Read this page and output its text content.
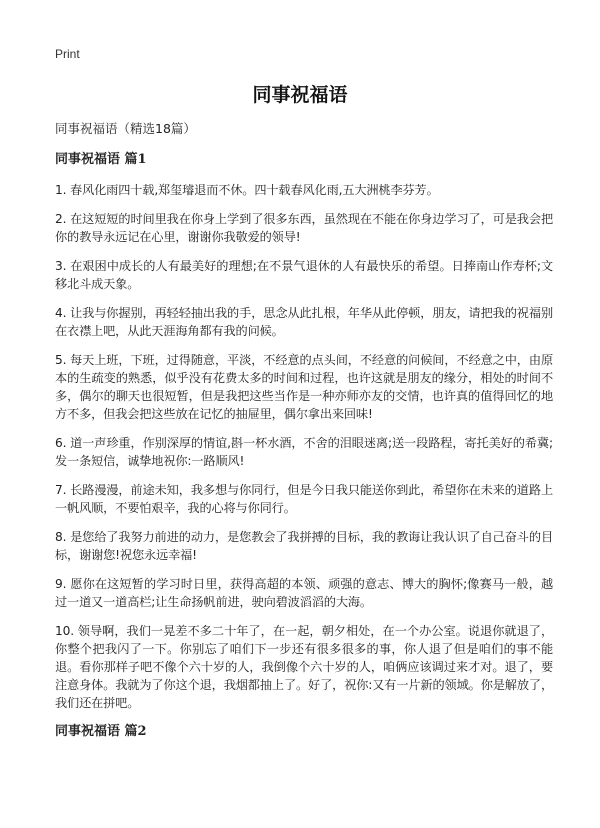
Print
同事祝福语
同事祝福语（精选18篇）
同事祝福语 篇1
1. 春风化雨四十载,郑玺璿退而不休。四十载春风化雨,五大洲桃李芬芳。
2. 在这短短的时间里我在你身上学到了很多东西，虽然现在不能在你身边学习了，可是我会把你的教导永远记在心里，谢谢你我敬爱的领导!
3. 在艰困中成长的人有最美好的理想;在不景气退休的人有最快乐的希望。日捧南山作寿杯;文移北斗成天象。
4. 让我与你握别，再轻轻抽出我的手，思念从此扎根，年华从此停顿，朋友，请把我的祝福别在衣襟上吧，从此天涯海角都有我的问候。
5. 每天上班，下班，过得随意，平淡，不经意的点头间，不经意的问候间，不经意之中，由原本的生疏变的熟悉，似乎没有花费太多的时间和过程，也许这就是朋友的缘分，相处的时间不多，偶尔的聊天也很短暂，但是我把这些当作是一种亦师亦友的交情，也许真的值得回忆的地方不多，但我会把这些放在记忆的抽屉里，偶尔拿出来回味!
6. 道一声珍重，作别深厚的情谊,斟一杯水酒，不舍的泪眼迷离;送一段路程，寄托美好的希冀;发一条短信，诚挚地祝你:一路顺风!
7. 长路漫漫，前途未知，我多想与你同行，但是今日我只能送你到此，希望你在未来的道路上一帆风顺，不要怕艰辛，我的心将与你同行。
8. 是您给了我努力前进的动力，是您教会了我拼搏的目标，我的教诲让我认识了自己奋斗的目标，谢谢您!祝您永远幸福!
9. 愿你在这短暂的学习时日里，获得高超的本领、顽强的意志、博大的胸怀;像赛马一般，越过一道又一道高栏;让生命扬帆前进，驶向碧波滔滔的大海。
10. 领导啊，我们一晃差不多二十年了，在一起，朝夕相处，在一个办公室。说退你就退了，你整个把我闪了一下。你别忘了咱们下一步还有很多很多的事，你人退了但是咱们的事不能退。看你那样子吧不像个六十岁的人，我倒像个六十岁的人，咱俩应该调过来才对。退了，要注意身体。我就为了你这个退，我烟都抽上了。好了，祝你:又有一片新的领域。你是解放了，我们还在拼吧。
同事祝福语 篇2
